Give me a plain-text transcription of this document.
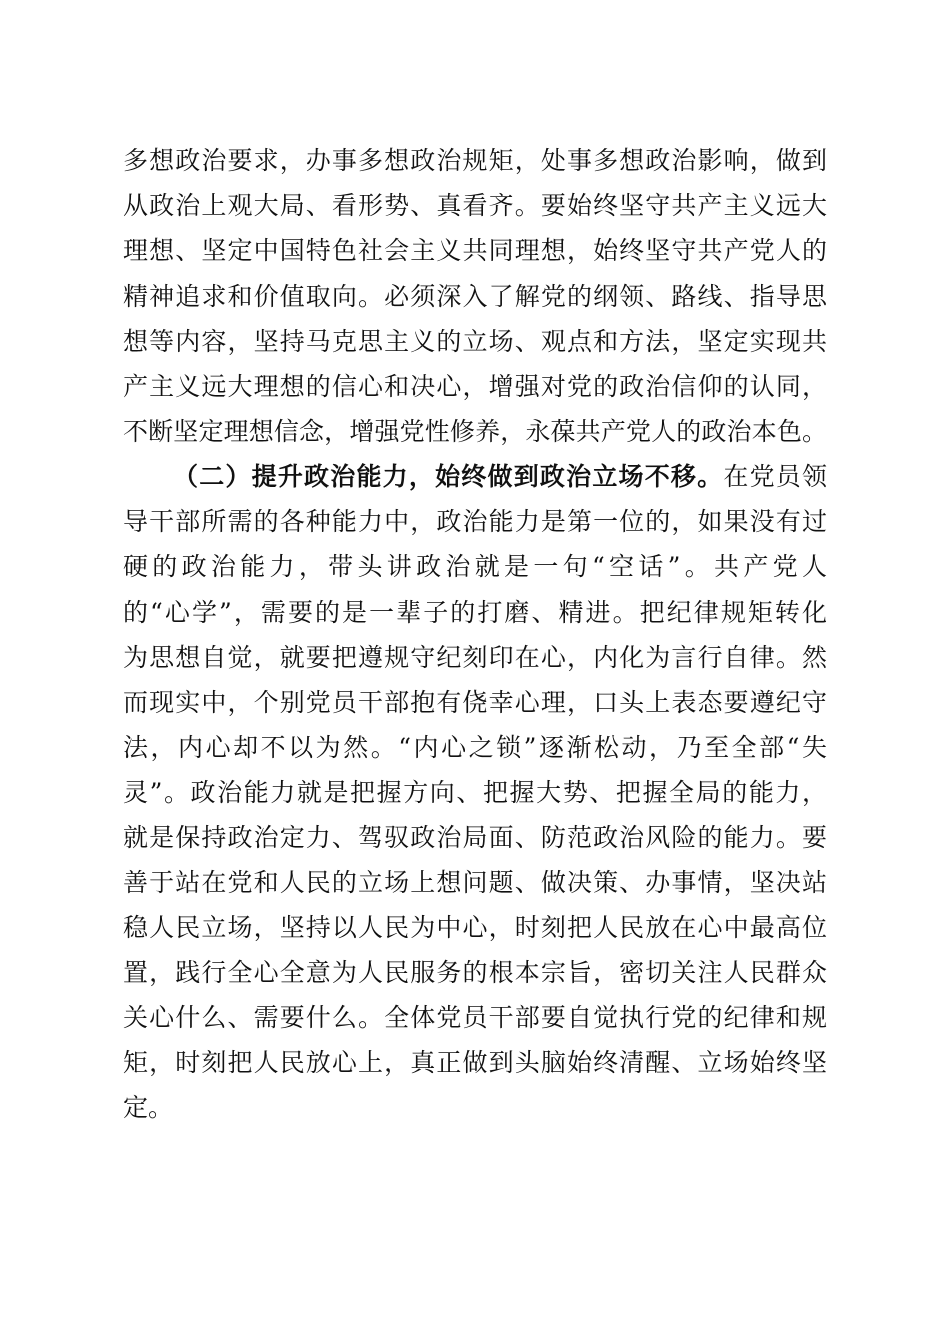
多想政治要求，办事多想政治规矩，处事多想政治影响，做到
从政治上观大局、看形势、真看齐。要始终坚守共产主义远大
理想、坚定中国特色社会主义共同理想，始终坚守共产党人的
精神追求和价值取向。必须深入了解党的纲领、路线、指导思
想等内容，坚持马克思主义的立场、观点和方法，坚定实现共
产主义远大理想的信心和决心，增强对党的政治信仰的认同，
不断坚定理想信念，增强党性修养，永葆共产党人的政治本色。
（二）提升政治能力，始终做到政治立场不移。在党员领
导干部所需的各种能力中，政治能力是第一位的，如果没有过
硬的政治能力，带头讲政治就是一句“空话”。共产党人
的“心学”，需要的是一辈子的打磨、精进。把纪律规矩转化
为思想自觉，就要把遵规守纪刻印在心，内化为言行自律。然
而现实中，个别党员干部抱有侥幸心理，口头上表态要遵纪守
法，内心却不以为然。“内心之锁”逐渐松动，乃至全部“失
灵”。政治能力就是把握方向、把握大势、把握全局的能力，
就是保持政治定力、驾驭政治局面、防范政治风险的能力。要
善于站在党和人民的立场上想问题、做决策、办事情，坚决站
稳人民立场，坚持以人民为中心，时刻把人民放在心中最高位
置，践行全心全意为人民服务的根本宗旨，密切关注人民群众
关心什么、需要什么。全体党员干部要自觉执行党的纪律和规
矩，时刻把人民放心上，真正做到头脑始终清醒、立场始终坚
定。
